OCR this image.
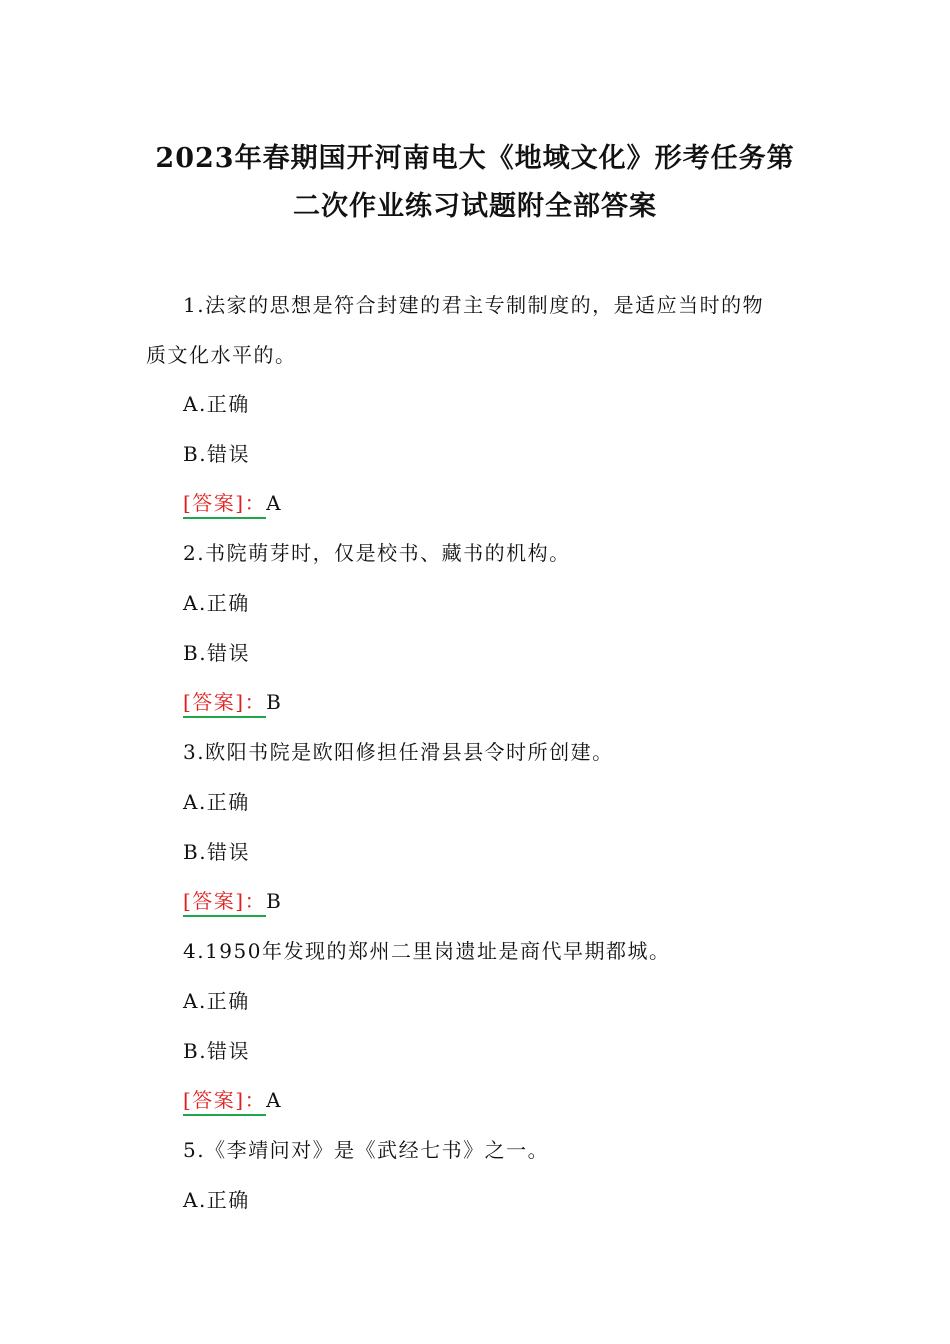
2023年春期国开河南电大《地域文化》形考任务第
二次作业练习试题附全部答案
1.法家的思想是符合封建的君主专制制度的，是适应当时的物
质文化水平的。
A.正确
B.错误
[答案]：A
2.书院萌芽时，仅是校书、藏书的机构。
A.正确
B.错误
[答案]：B
3.欧阳书院是欧阳修担任滑县县令时所创建。
A.正确
B.错误
[答案]：B
4.1950年发现的郑州二里岗遗址是商代早期都城。
A.正确
B.错误
[答案]：A
5.《李靖问对》是《武经七书》之一。
A.正确
